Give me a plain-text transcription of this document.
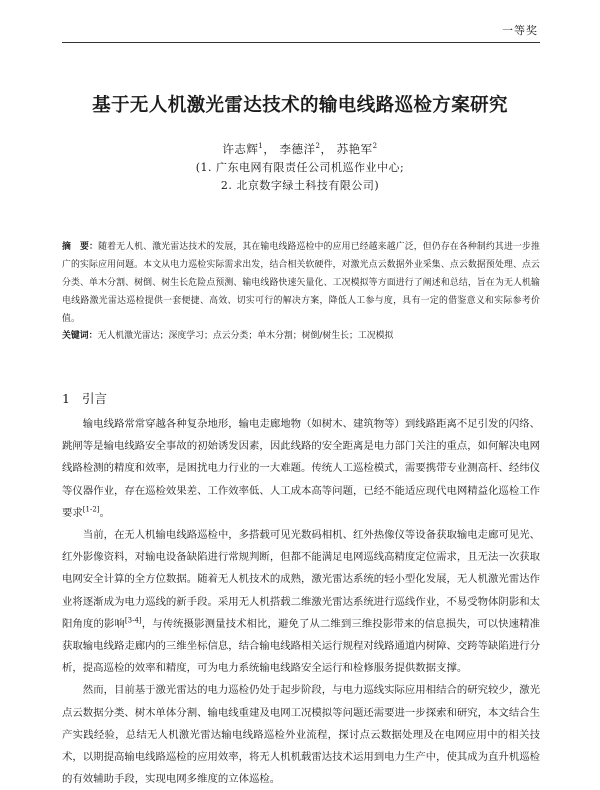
一等奖
基于无人机激光雷达技术的输电线路巡检方案研究
许志辉$^1$， 李德洋$^2$， 苏艳军$^2$
(1. 广东电网有限责任公司机巡作业中心;
2. 北京数字绿土科技有限公司)
摘　要：随着无人机、激光雷达技术的发展，其在输电线路巡检中的应用已经越来越广泛，但仍存在各种制约其进一步推广的实际应用问题。本文从电力巡检实际需求出发，结合相关软硬件，对激光点云数据外业采集、点云数据预处理、点云分类、单木分割、树倒、树生长危险点预测、输电线路快速矢量化、工况模拟等方面进行了阐述和总结，旨在为无人机输电线路激光雷达巡检提供一套便捷、高效、切实可行的解决方案，降低人工参与度，具有一定的借鉴意义和实际参考价值。
关键词：无人机激光雷达；深度学习；点云分类；单木分割；树倒/树生长；工况模拟
1 引言

输电线路常常穿越各种复杂地形，输电走廊地物（如树木、建筑物等）到线路距离不足引发的闪络、跳闸等是输电线路安全事故的初始诱发因素，因此线路的安全距离是电力部门关注的重点，如何解决电网线路检测的精度和效率，是困扰电力行业的一大难题。传统人工巡检模式，需要携带专业测高杆、经纬仪等仪器作业，存在巡检效果差、工作效率低、人工成本高等问题，已经不能适应现代电网精益化巡检工作要求[1-2]。

当前，在无人机输电线路巡检中，多搭载可见光数码相机、红外热像仪等设备获取输电走廊可见光、红外影像资料，对输电设备缺陷进行常规判断，但都不能满足电网巡线高精度定位需求，且无法一次获取电网安全计算的全方位数据。随着无人机技术的成熟，激光雷达系统的轻小型化发展，无人机激光雷达作业将逐渐成为电力巡线的新手段。采用无人机搭载二维激光雷达系统进行巡线作业，不易受物体阴影和太阳角度的影响[3-4]，与传统摄影测量技术相比，避免了从二维到三维投影带来的信息损失，可以快速精准获取输电线路走廊内的三维坐标信息，结合输电线路相关运行规程对线路通道内树障、交跨等缺陷进行分析，提高巡检的效率和精度，可为电力系统输电线路安全运行和检修服务提供数据支撑。

然而，目前基于激光雷达的电力巡检仍处于起步阶段，与电力巡线实际应用相结合的研究较少，激光点云数据分类、树木单体分割、输电线重建及电网工况模拟等问题还需要进一步探索和研究，本文结合生产实践经验，总结无人机激光雷达输电线路巡检外业流程，探讨点云数据处理及在电网应用中的相关技术，以期提高输电线路巡检的应用效率，将无人机机载雷达技术运用到电力生产中，使其成为直升机巡检的有效辅助手段，实现电网多维度的立体巡检。
